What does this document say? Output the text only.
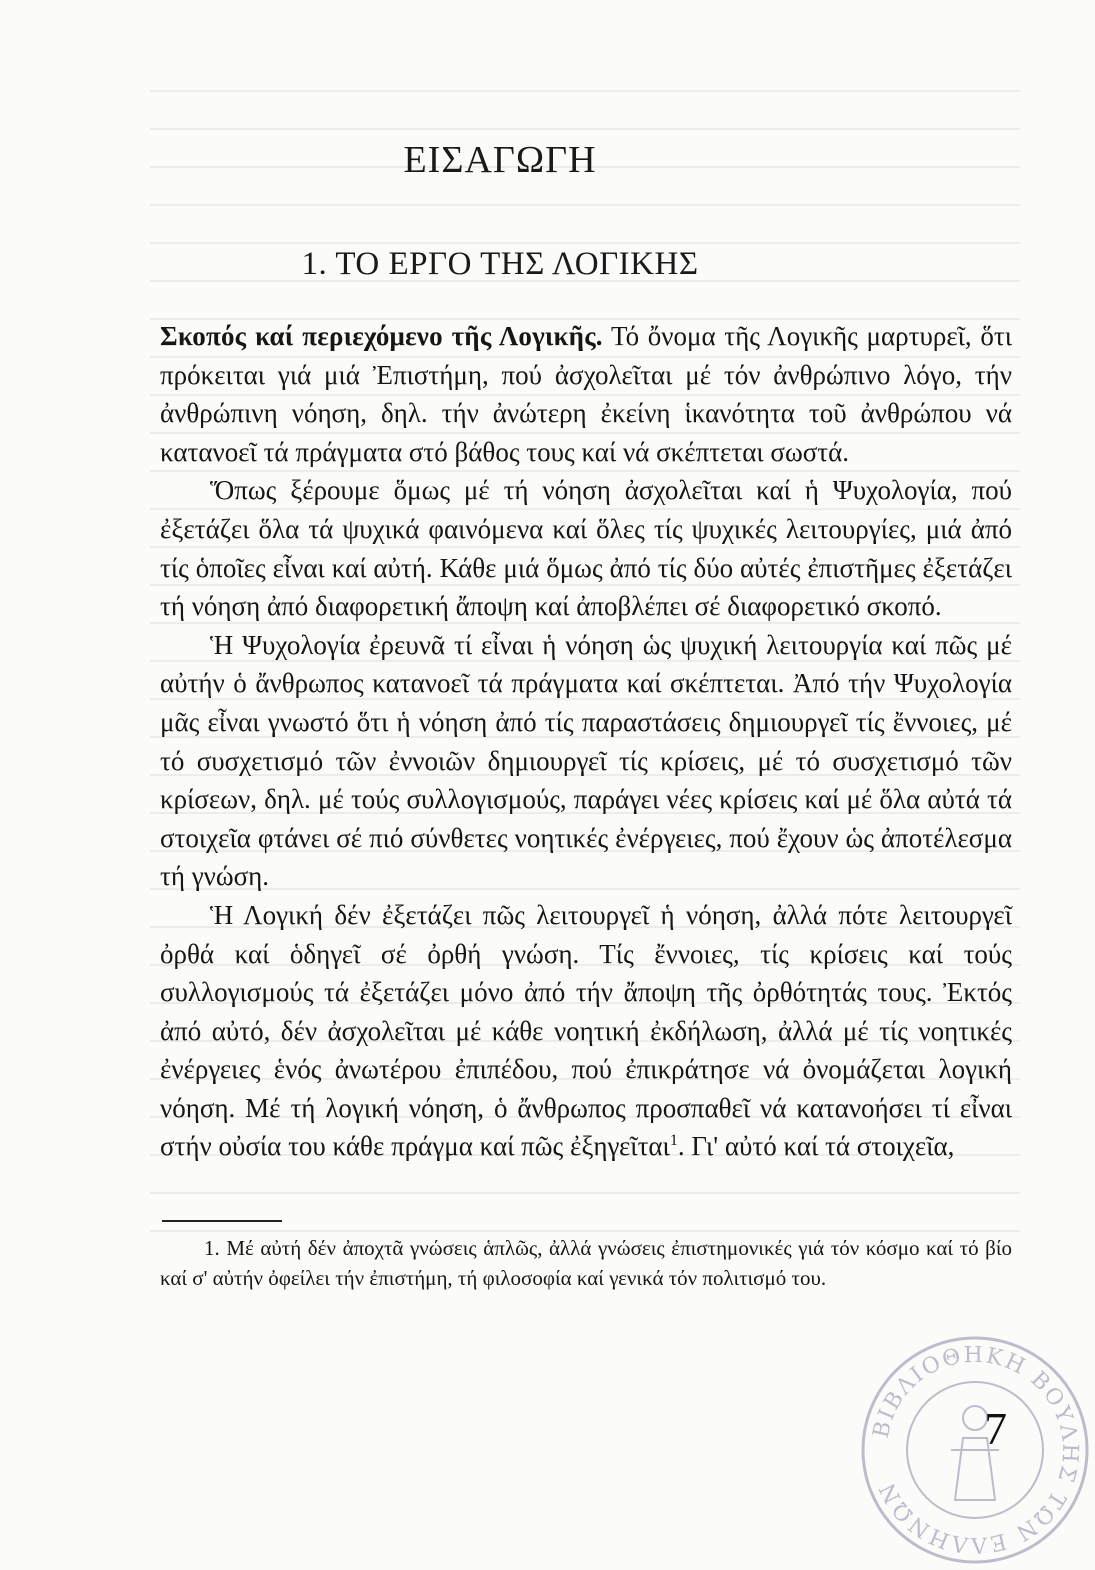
ΕΙΣΑΓΩΓΗ
1. ΤΟ ΕΡΓΟ ΤΗΣ ΛΟΓΙΚΗΣ

Σκοπός καί περιεχόμενο τῆς Λογικῆς. Τό ὄνομα τῆς Λογικῆς μαρτυρεῖ, ὅτι πρόκειται γιά μιά Ἐπιστήμη, πού ἀσχολεῖται μέ τόν ἀνθρώπινο λόγο, τήν ἀνθρώπινη νόηση, δηλ. τήν ἀνώτερη ἐκείνη ἱκανότητα τοῦ ἀνθρώπου νά κατανοεῖ τά πράγματα στό βάθος τους καί νά σκέπτεται σωστά.

Ὅπως ξέρουμε ὅμως μέ τή νόηση ἀσχολεῖται καί ἡ Ψυχολογία, πού ἐξετάζει ὅλα τά ψυχικά φαινόμενα καί ὅλες τίς ψυχικές λειτουργίες, μιά ἀπό τίς ὁποῖες εἶναι καί αὐτή. Κάθε μιά ὅμως ἀπό τίς δύο αὐτές ἐπιστῆμες ἐξετάζει τή νόηση ἀπό διαφορετική ἄποψη καί ἀποβλέπει σέ διαφορετικό σκοπό.

Ἡ Ψυχολογία ἐρευνᾶ τί εἶναι ἡ νόηση ὡς ψυχική λειτουργία καί πῶς μέ αὐτήν ὁ ἄνθρωπος κατανοεῖ τά πράγματα καί σκέπτεται. Ἀπό τήν Ψυχολογία μᾶς εἶναι γνωστό ὅτι ἡ νόηση ἀπό τίς παραστάσεις δημιουργεῖ τίς ἔννοιες, μέ τό συσχετισμό τῶν ἐννοιῶν δημιουργεῖ τίς κρίσεις, μέ τό συσχετισμό τῶν κρίσεων, δηλ. μέ τούς συλλογισμούς, παράγει νέες κρίσεις καί μέ ὅλα αὐτά τά στοιχεῖα φτάνει σέ πιό σύνθετες νοητικές ἐνέργειες, πού ἔχουν ὡς ἀποτέλεσμα τή γνώση.

Ἡ Λογική δέν ἐξετάζει πῶς λειτουργεῖ ἡ νόηση, ἀλλά πότε λειτουργεῖ ὀρθά καί ὁδηγεῖ σέ ὀρθή γνώση. Τίς ἔννοιες, τίς κρίσεις καί τούς συλλογισμούς τά ἐξετάζει μόνο ἀπό τήν ἄποψη τῆς ὀρθότητάς τους. Ἐκτός ἀπό αὐτό, δέν ἀσχολεῖται μέ κάθε νοητική ἐκδήλωση, ἀλλά μέ τίς νοητικές ἐνέργειες ἑνός ἀνωτέρου ἐπιπέδου, πού ἐπικράτησε νά ὀνομάζεται λογική νόηση. Μέ τή λογική νόηση, ὁ ἄνθρωπος προσπαθεῖ νά κατανοήσει τί εἶναι στήν οὐσία του κάθε πράγμα καί πῶς ἐξηγεῖται$^1$. Γι' αὐτό καί τά στοιχεῖα,

1. Μέ αὐτή δέν ἀποχτᾶ γνώσεις ἁπλῶς, ἀλλά γνώσεις ἐπιστημονικές γιά τόν κόσμο καί τό βίο καί σ' αὐτήν ὀφείλει τήν ἐπιστήμη, τή φιλοσοφία καί γενικά τόν πολιτισμό του.
7
ΒΙΒΛΙΟΘΗΚΗ ΒΟΥΛΗΣ ΤΩΝ ΕΛΛΗΝΩΝ
